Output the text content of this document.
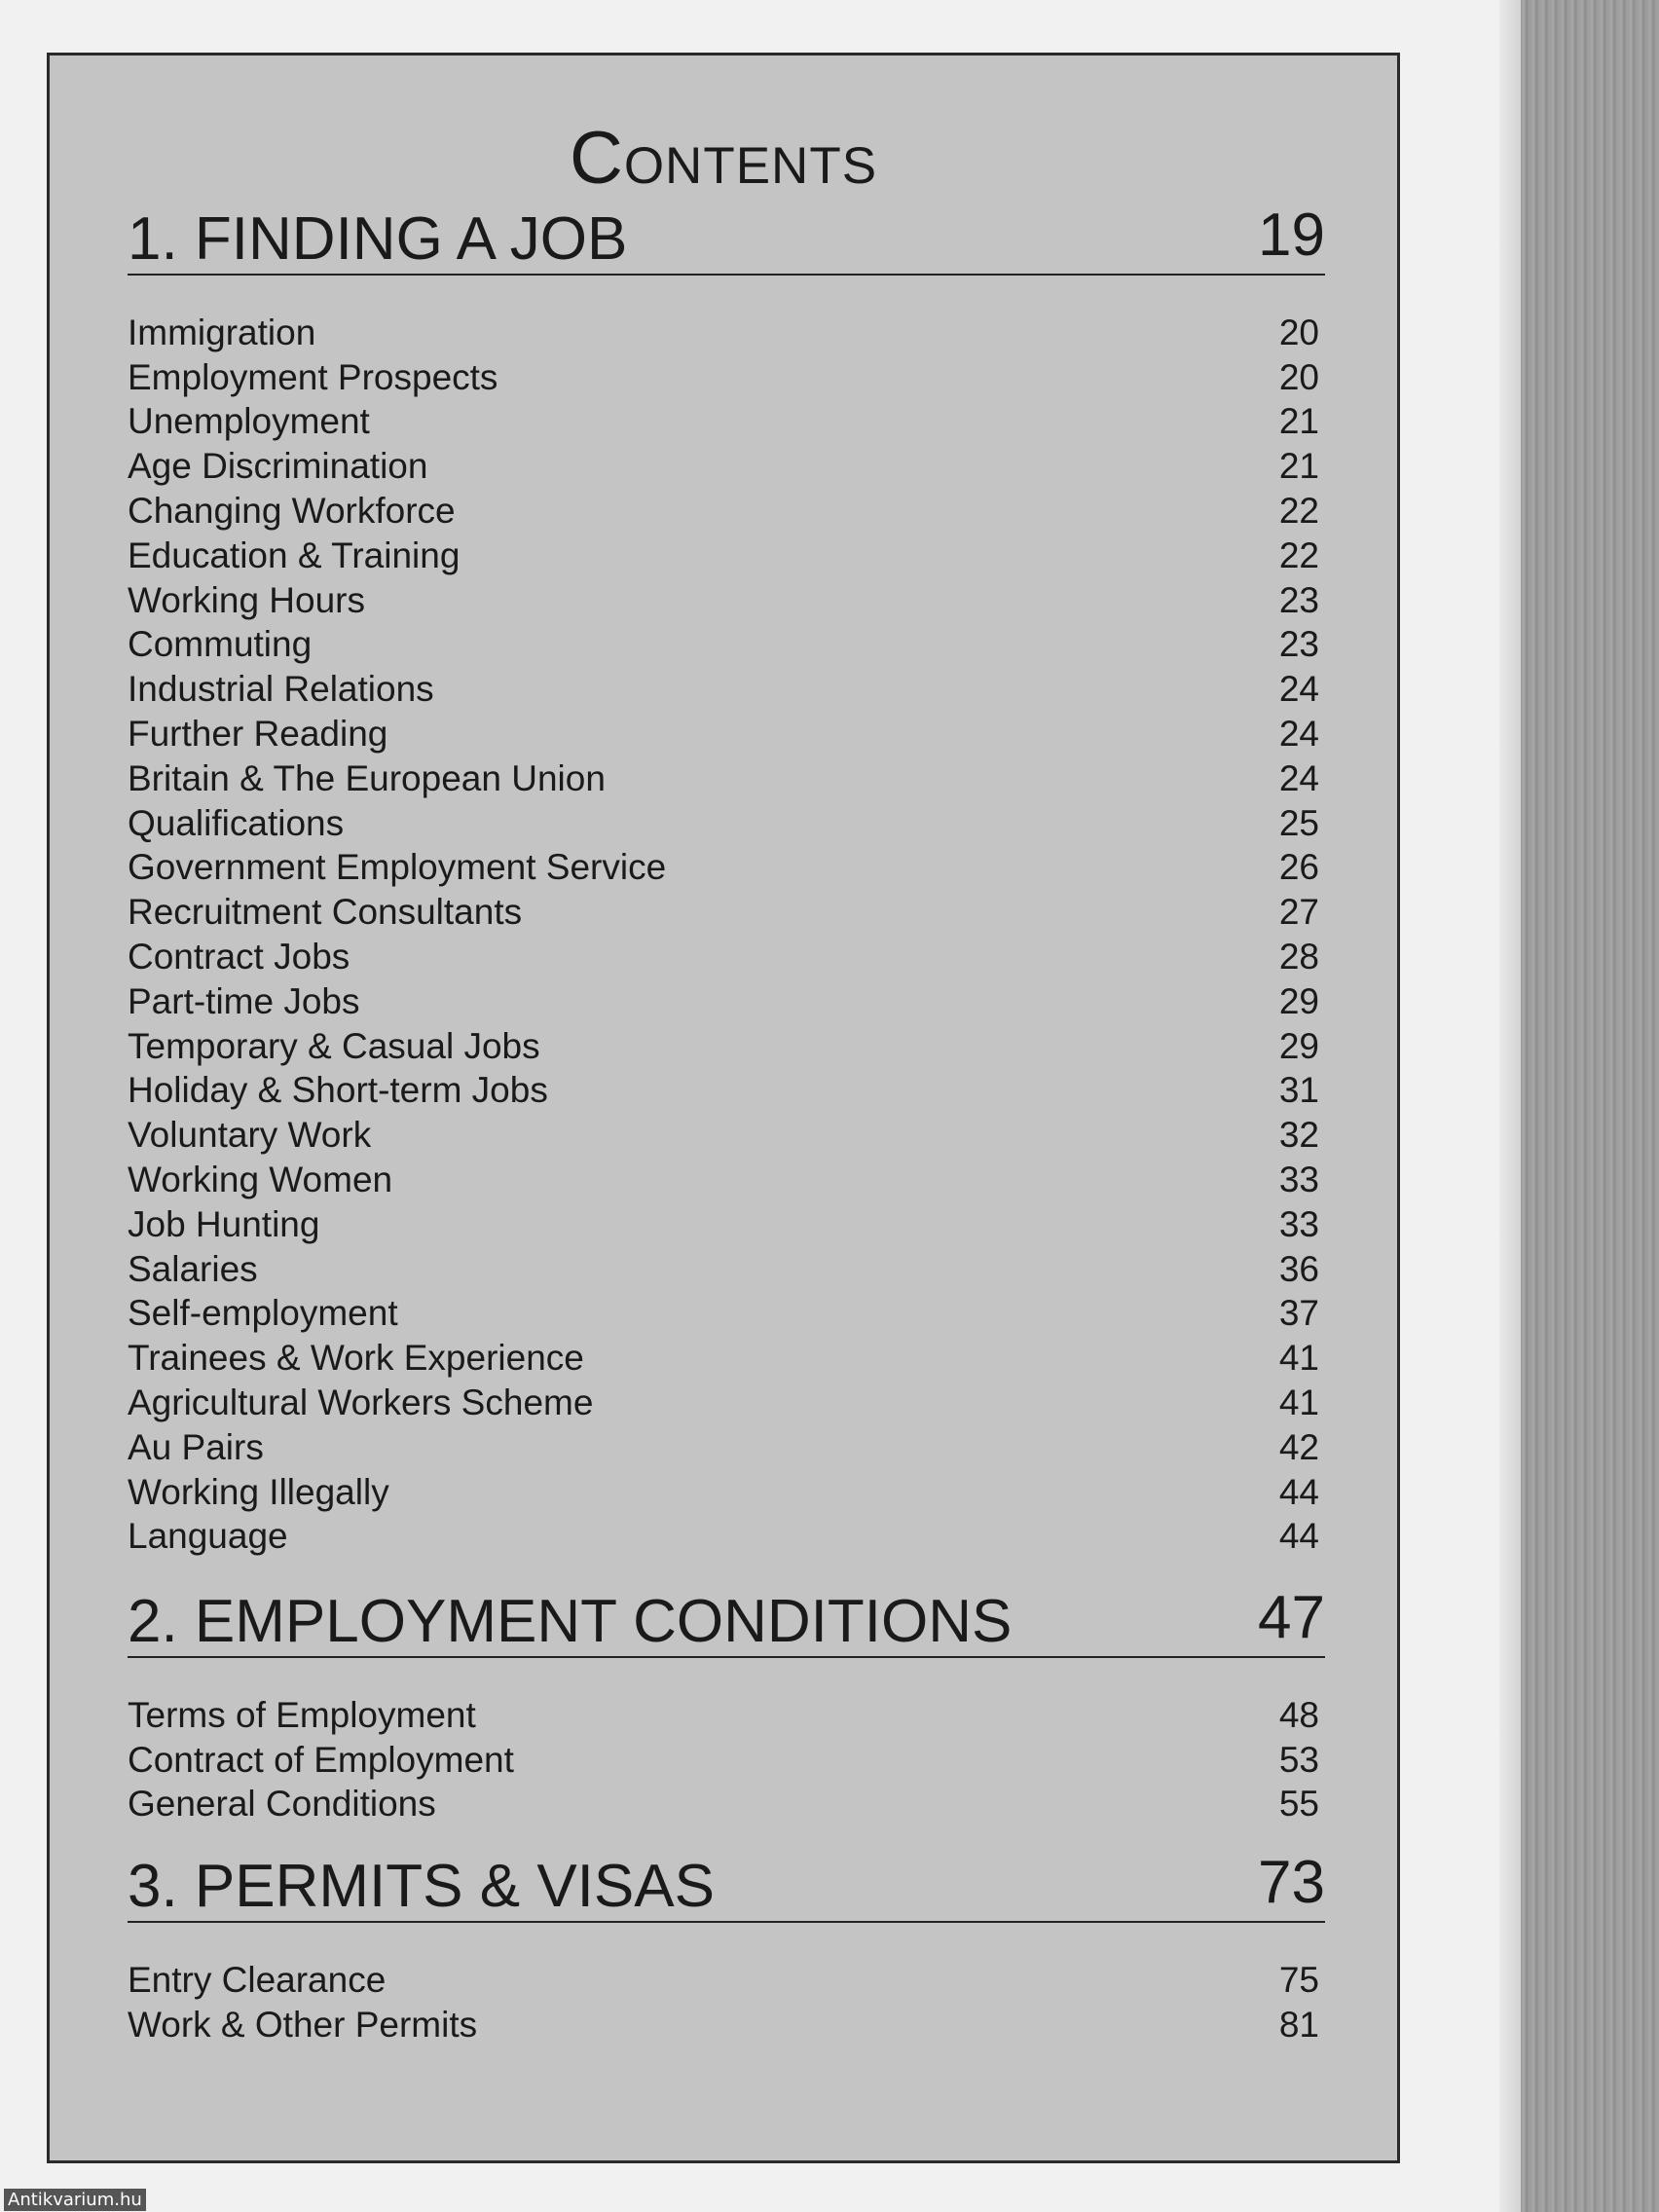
Contents
1. FINDING A JOB	19
Immigration	20
Employment Prospects	20
Unemployment	21
Age Discrimination	21
Changing Workforce	22
Education & Training	22
Working Hours	23
Commuting	23
Industrial Relations	24
Further Reading	24
Britain & The European Union	24
Qualifications	25
Government Employment Service	26
Recruitment Consultants	27
Contract Jobs	28
Part-time Jobs	29
Temporary & Casual Jobs	29
Holiday & Short-term Jobs	31
Voluntary Work	32
Working Women	33
Job Hunting	33
Salaries	36
Self-employment	37
Trainees & Work Experience	41
Agricultural Workers Scheme	41
Au Pairs	42
Working Illegally	44
Language	44
2. EMPLOYMENT CONDITIONS	47
Terms of Employment	48
Contract of Employment	53
General Conditions	55
3. PERMITS & VISAS	73
Entry Clearance	75
Work & Other Permits	81
Antikvarium.hu
